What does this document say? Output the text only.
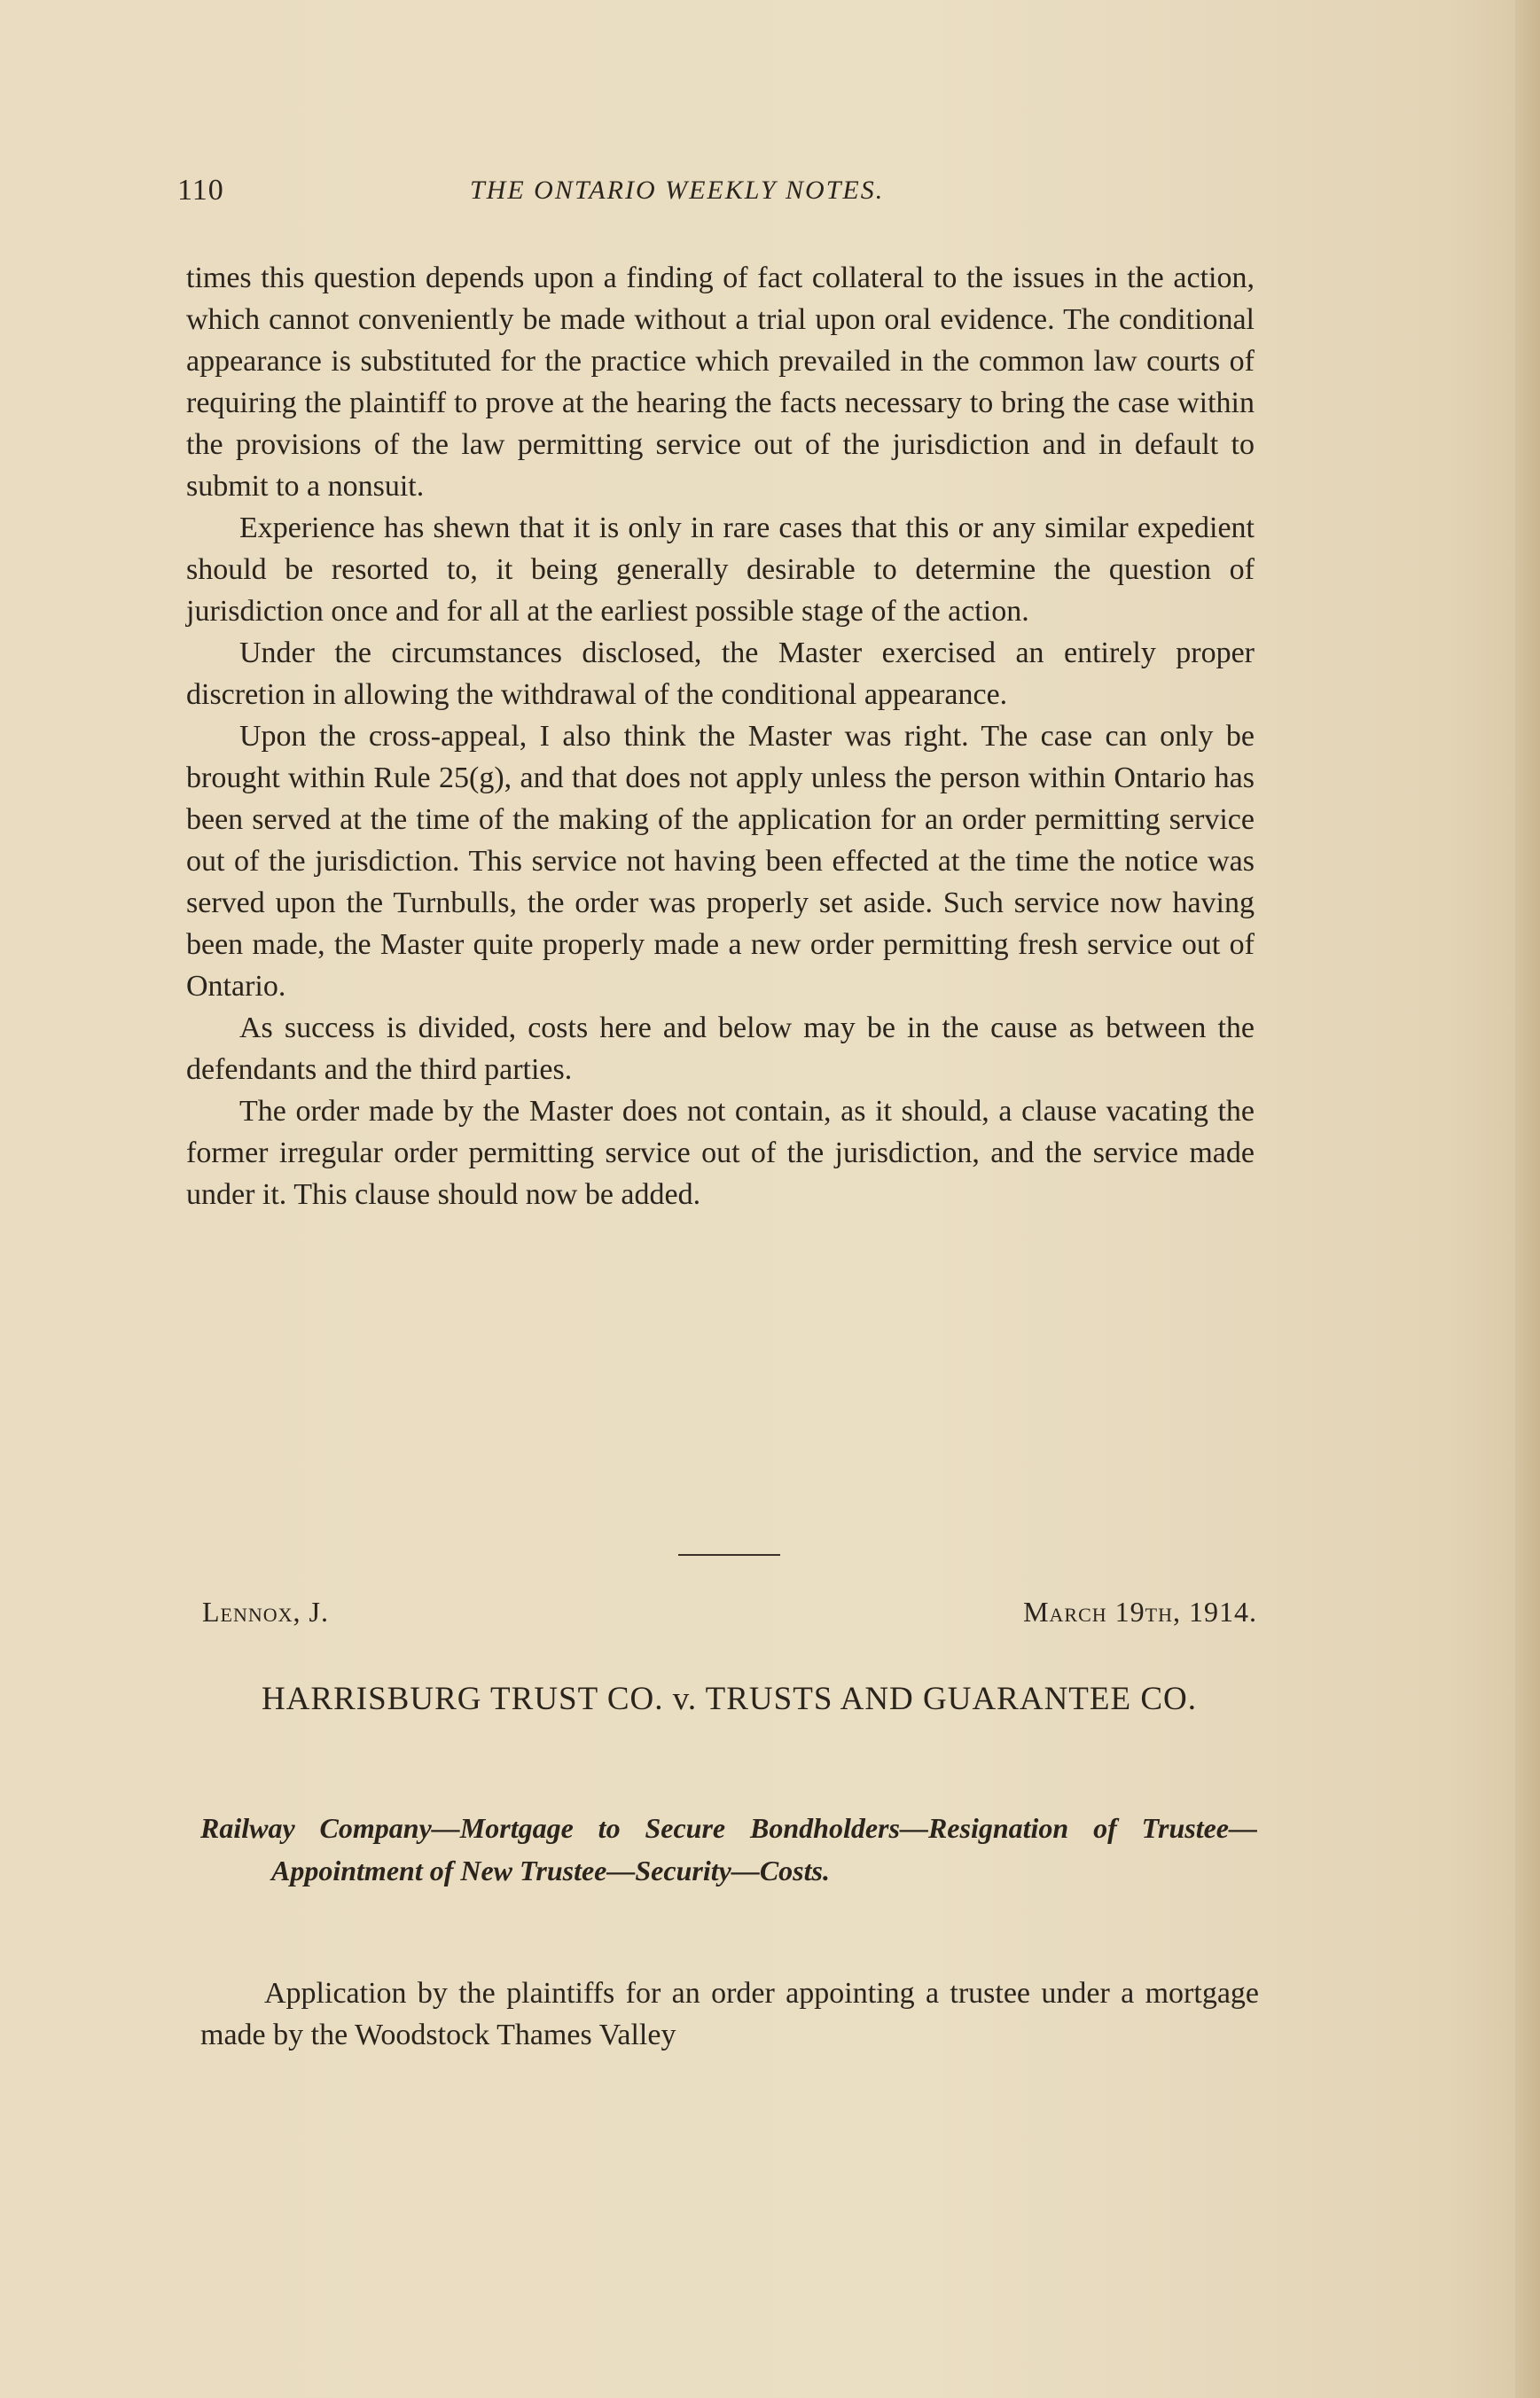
110	THE ONTARIO WEEKLY NOTES.

times this question depends upon a finding of fact collateral to the issues in the action, which cannot conveniently be made without a trial upon oral evidence. The conditional appearance is substituted for the practice which prevailed in the common law courts of requiring the plaintiff to prove at the hearing the facts necessary to bring the case within the provisions of the law permitting service out of the jurisdiction and in default to submit to a nonsuit.

Experience has shewn that it is only in rare cases that this or any similar expedient should be resorted to, it being generally desirable to determine the question of jurisdiction once and for all at the earliest possible stage of the action.

Under the circumstances disclosed, the Master exercised an entirely proper discretion in allowing the withdrawal of the conditional appearance.

Upon the cross-appeal, I also think the Master was right. The case can only be brought within Rule 25(g), and that does not apply unless the person within Ontario has been served at the time of the making of the application for an order permitting service out of the jurisdiction. This service not having been effected at the time the notice was served upon the Turnbulls, the order was properly set aside. Such service now having been made, the Master quite properly made a new order permitting fresh service out of Ontario.

As success is divided, costs here and below may be in the cause as between the defendants and the third parties.

The order made by the Master does not contain, as it should, a clause vacating the former irregular order permitting service out of the jurisdiction, and the service made under it. This clause should now be added.

Lennox, J.	March 19th, 1914.
HARRISBURG TRUST CO. v. TRUSTS AND GUARANTEE CO.
Railway Company—Mortgage to Secure Bondholders—Resignation of Trustee—Appointment of New Trustee—Security—Costs.
Application by the plaintiffs for an order appointing a trustee under a mortgage made by the Woodstock Thames Valley
